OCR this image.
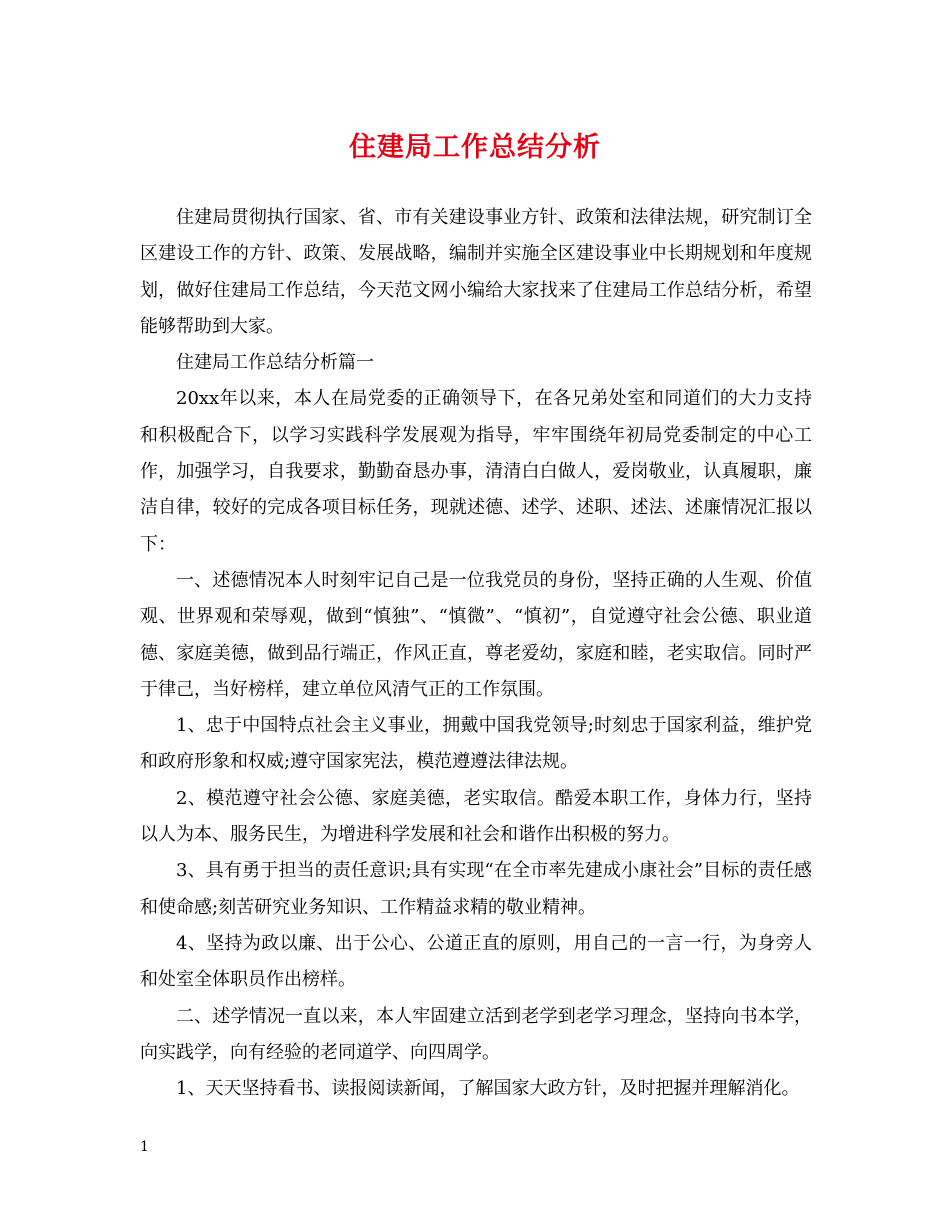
住建局工作总结分析

住建局贯彻执行国家、省、市有关建设事业方针、政策和法律法规，研究制订全区建设工作的方针、政策、发展战略，编制并实施全区建设事业中长期规划和年度规划，做好住建局工作总结，今天范文网小编给大家找来了住建局工作总结分析，希望能够帮助到大家。

住建局工作总结分析篇一

20xx年以来，本人在局党委的正确领导下，在各兄弟处室和同道们的大力支持和积极配合下，以学习实践科学发展观为指导，牢牢围绕年初局党委制定的中心工作，加强学习，自我要求，勤勤奋恳办事，清清白白做人，爱岗敬业，认真履职，廉洁自律，较好的完成各项目标任务，现就述德、述学、述职、述法、述廉情况汇报以下：

一、述德情况本人时刻牢记自己是一位我党员的身份，坚持正确的人生观、价值观、世界观和荣辱观，做到“慎独”、“慎微”、“慎初”，自觉遵守社会公德、职业道德、家庭美德，做到品行端正，作风正直，尊老爱幼，家庭和睦，老实取信。同时严于律己，当好榜样，建立单位风清气正的工作氛围。

1、忠于中国特点社会主义事业，拥戴中国我党领导;时刻忠于国家利益，维护党和政府形象和权威;遵守国家宪法，模范遵遵法律法规。

2、模范遵守社会公德、家庭美德，老实取信。酷爱本职工作，身体力行，坚持以人为本、服务民生，为增进科学发展和社会和谐作出积极的努力。

3、具有勇于担当的责任意识;具有实现“在全市率先建成小康社会”目标的责任感和使命感;刻苦研究业务知识、工作精益求精的敬业精神。

4、坚持为政以廉、出于公心、公道正直的原则，用自己的一言一行，为身旁人和处室全体职员作出榜样。

二、述学情况一直以来，本人牢固建立活到老学到老学习理念，坚持向书本学，向实践学，向有经验的老同道学、向四周学。

1、天天坚持看书、读报阅读新闻，了解国家大政方针，及时把握并理解消化。

1
